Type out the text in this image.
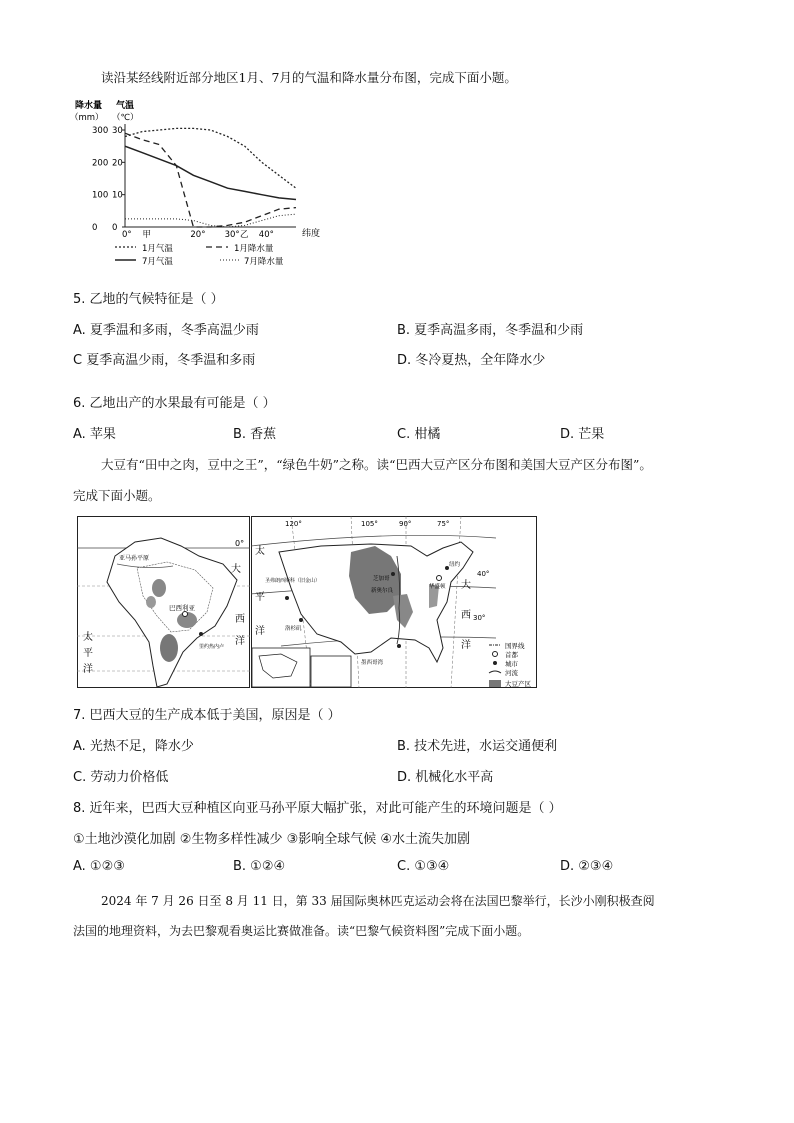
读沿某经线附近部分地区1月、7月的气温和降水量分布图，完成下面小题。
降水量
（mm）
气温
（℃）
300
200
100
0
30
20
10
0
0° 甲	20° 30° 乙 40°	纬度
1月气温	1月降水量
7月气温	7月降水量
5. 乙地的气候特征是（ ）
A. 夏季温和多雨，冬季高温少雨	B. 夏季高温多雨，冬季温和少雨
C 夏季高温少雨，冬季温和多雨	D. 冬冷夏热，全年降水少
6. 乙地出产的水果最有可能是（ ）
A. 苹果	B. 香蕉	C. 柑橘	D. 芒果
大豆有“田中之肉，豆中之王”，“绿色牛奶”之称。读“巴西大豆产区分布图和美国大豆产区分布图”。
完成下面小题。
0°
大
亚马孙平原
巴西利亚
西
太
平
洋
洋
里约热内卢
120°	105°	90°	75°
40°
30°
太
平
洋
大
西
洋
芝加哥
纽约
华盛顿
新奥尔良
圣弗朗西斯科（旧金山）
洛杉矶
墨西哥湾
国界线
首都
城市
河流
大豆产区
7. 巴西大豆的生产成本低于美国，原因是（ ）
A. 光热不足，降水少	B. 技术先进，水运交通便利
C. 劳动力价格低	D. 机械化水平高
8. 近年来，巴西大豆种植区向亚马孙平原大幅扩张，对此可能产生的环境问题是（ ）
①土地沙漠化加剧 ②生物多样性减少 ③影响全球气候 ④水土流失加剧
A. ①②③	B. ①②④	C. ①③④	D. ②③④
2024 年 7 月 26 日至 8 月 11 日，第 33 届国际奥林匹克运动会将在法国巴黎举行，长沙小刚积极查阅
法国的地理资料，为去巴黎观看奥运比赛做准备。读“巴黎气候资料图”完成下面小题。
